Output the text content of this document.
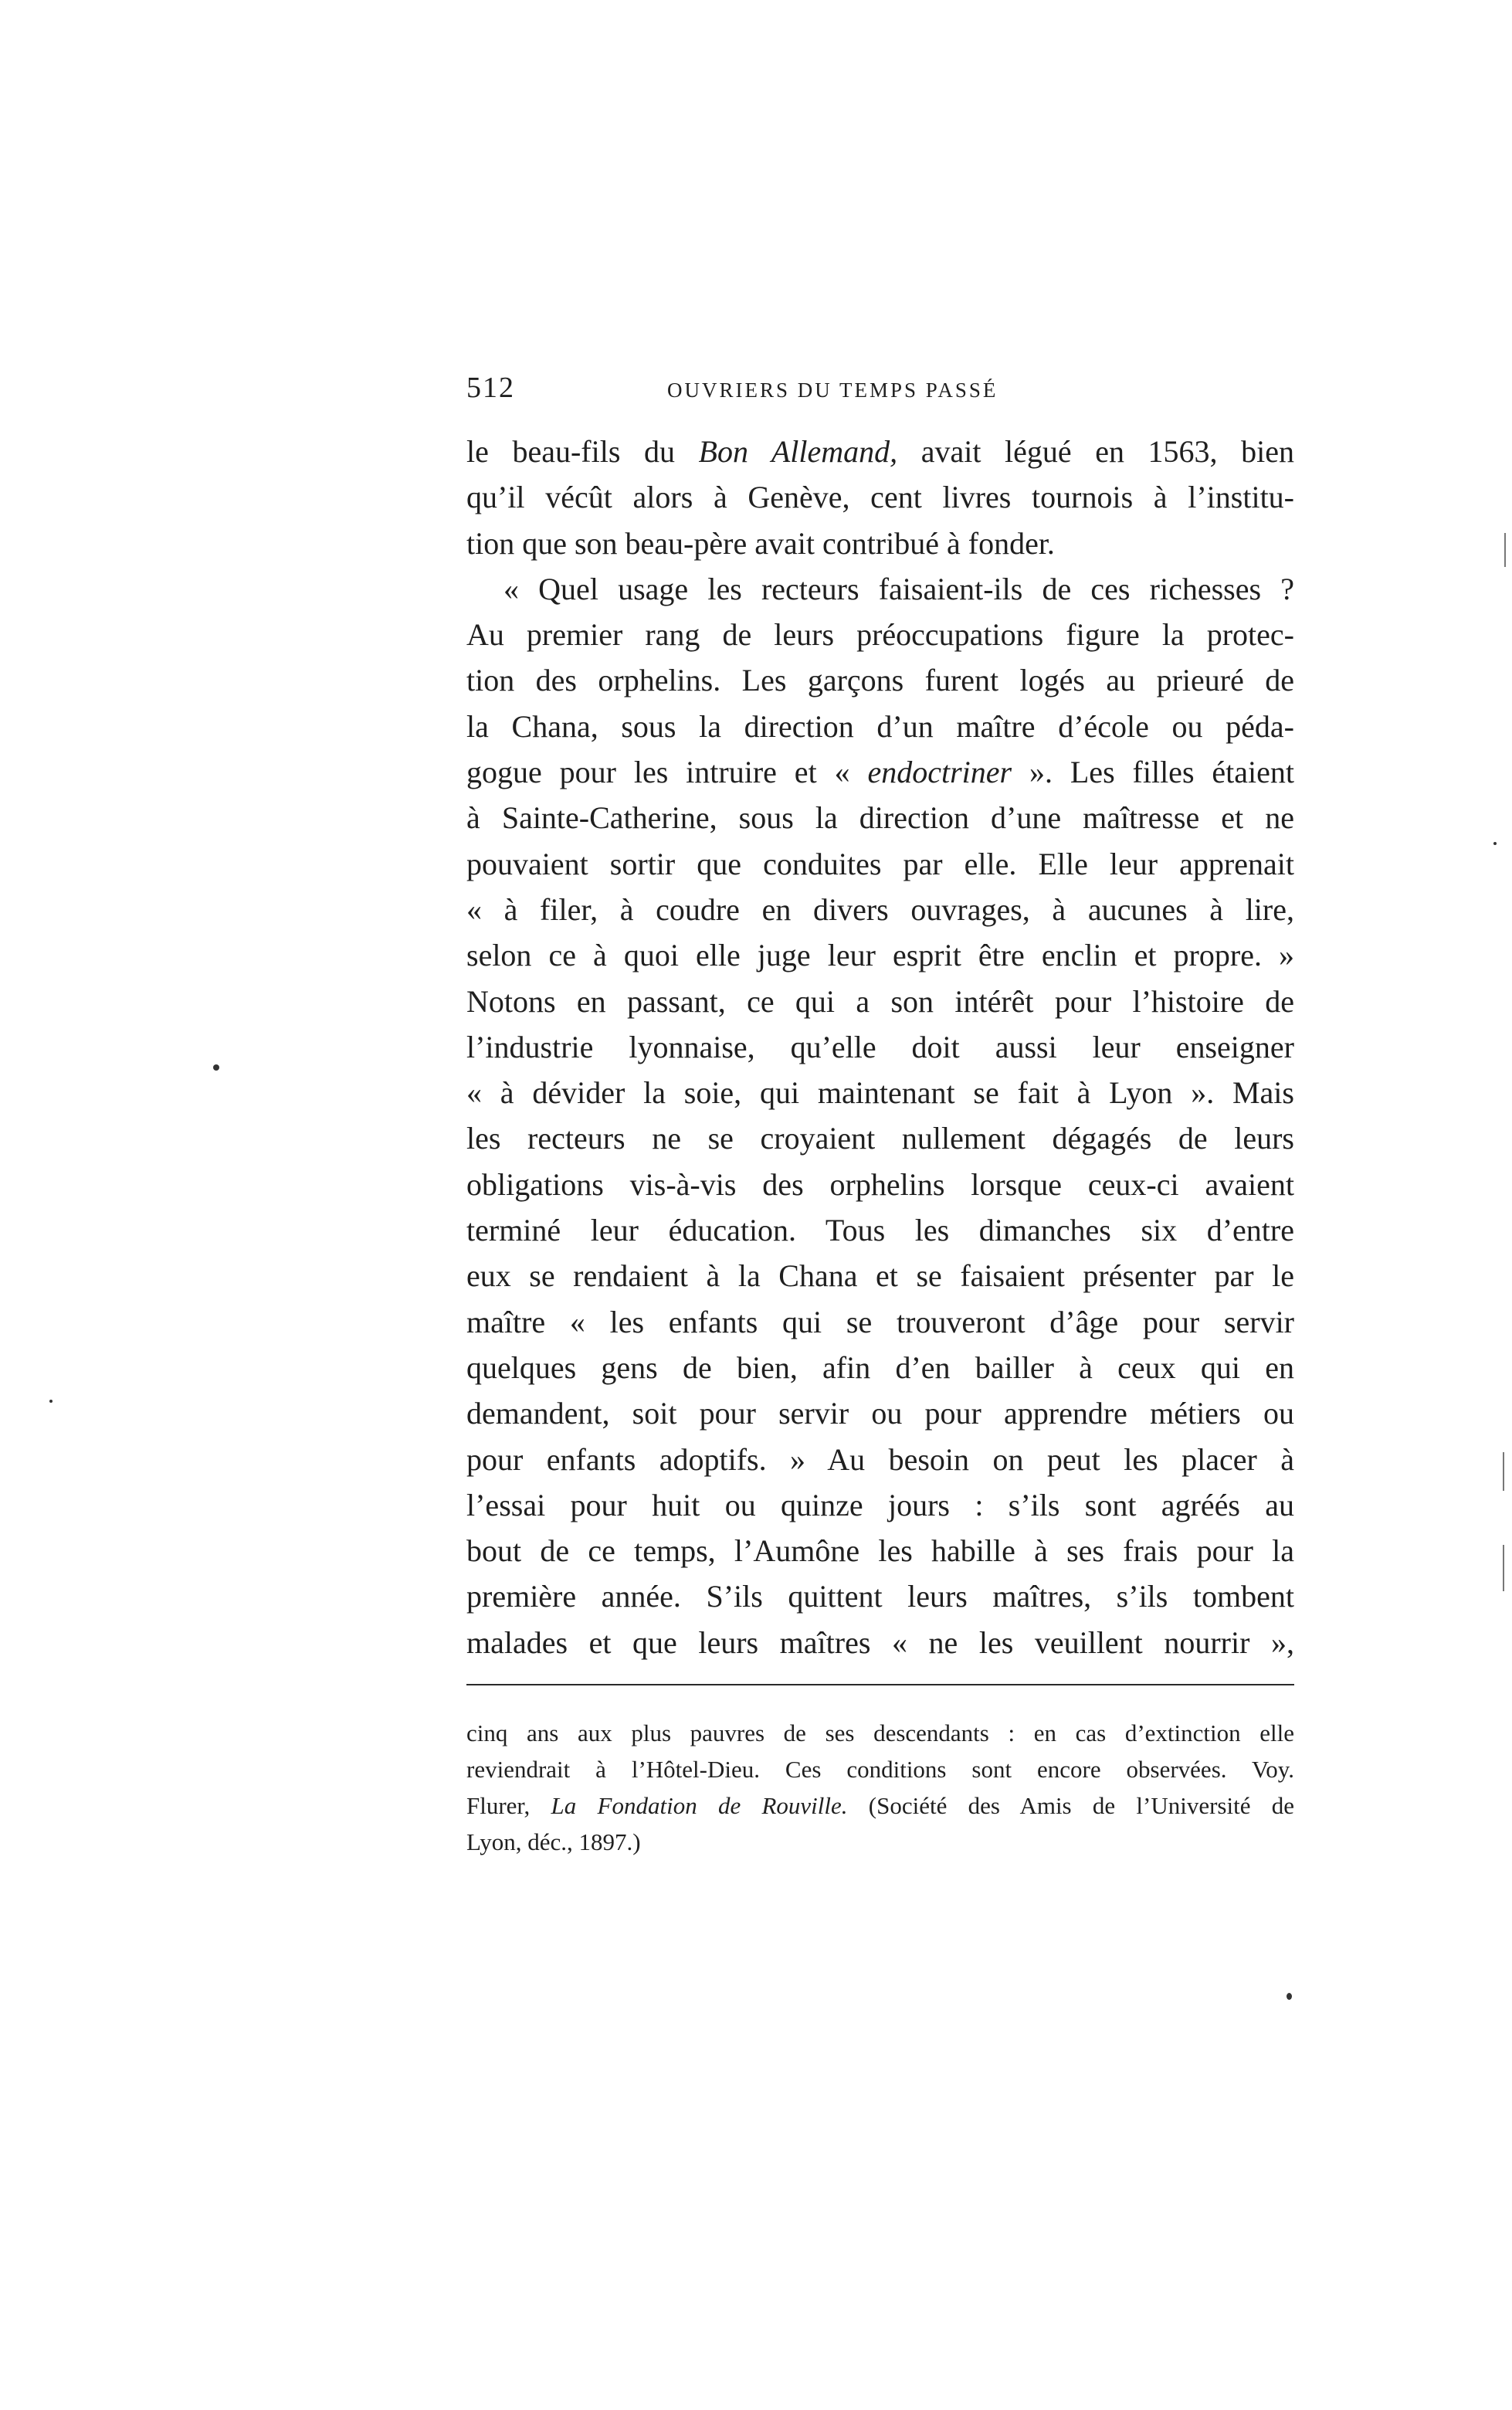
512	OUVRIERS DU TEMPS PASSÉ
le beau-fils du Bon Allemand, avait légué en 1563, bien
qu’il vécût alors à Genève, cent livres tournois à l’institu-
tion que son beau-père avait contribué à fonder.
« Quel usage les recteurs faisaient-ils de ces richesses ?
Au premier rang de leurs préoccupations figure la protec-
tion des orphelins. Les garçons furent logés au prieuré de
la Chana, sous la direction d’un maître d’école ou péda-
gogue pour les intruire et « endoctriner ». Les filles étaient
à Sainte-Catherine, sous la direction d’une maîtresse et ne
pouvaient sortir que conduites par elle. Elle leur apprenait
« à filer, à coudre en divers ouvrages, à aucunes à lire,
selon ce à quoi elle juge leur esprit être enclin et propre. »
Notons en passant, ce qui a son intérêt pour l’histoire de
l’industrie lyonnaise, qu’elle doit aussi leur enseigner
« à dévider la soie, qui maintenant se fait à Lyon ». Mais
les recteurs ne se croyaient nullement dégagés de leurs
obligations vis-à-vis des orphelins lorsque ceux-ci avaient
terminé leur éducation. Tous les dimanches six d’entre
eux se rendaient à la Chana et se faisaient présenter par le
maître « les enfants qui se trouveront d’âge pour servir
quelques gens de bien, afin d’en bailler à ceux qui en
demandent, soit pour servir ou pour apprendre métiers ou
pour enfants adoptifs. » Au besoin on peut les placer à
l’essai pour huit ou quinze jours : s’ils sont agréés au
bout de ce temps, l’Aumône les habille à ses frais pour la
première année. S’ils quittent leurs maîtres, s’ils tombent
malades et que leurs maîtres « ne les veuillent nourrir »,
cinq ans aux plus pauvres de ses descendants : en cas d’extinction elle
reviendrait à l’Hôtel-Dieu. Ces conditions sont encore observées. Voy.
Flurer, La Fondation de Rouville. (Société des Amis de l’Université de
Lyon, déc., 1897.)
